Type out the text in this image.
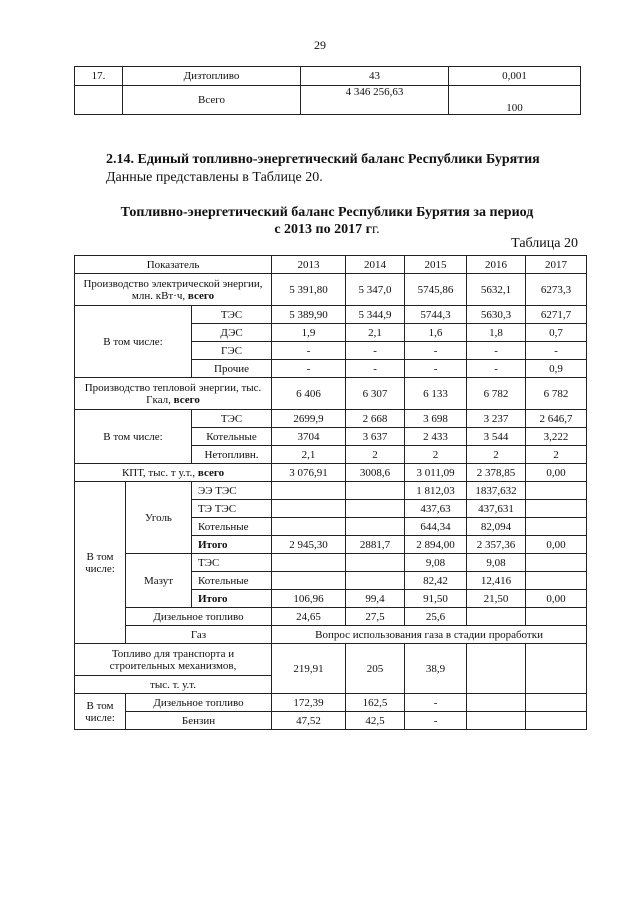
29
17.	Дизтопливо	43	0,001
	Всего	4 346 256,63	100
2.14. Единый топливно-энергетический баланс Республики Бурятия
Данные представлены в Таблице 20.
Топливно-энергетический баланс Республики Бурятия за период
с 2013 по 2017 гг.
Таблица 20
Показатель			2013	2014	2015	2016	2017
Производство электрической энергии, млн. кВт·ч, всего			5 391,80	5 347,0	5745,86	5632,1	6273,3
В том числе:		ТЭС	5 389,90	5 344,9	5744,3	5630,3	6271,7
		ДЭС	1,9	2,1	1,6	1,8	0,7
		ГЭС	-	-	-	-	-
		Прочие	-	-	-	-	0,9
Производство тепловой энергии, тыс. Гкал, всего			6 406	6 307	6 133	6 782	6 782
В том числе:		ТЭС	2699,9	2 668	3 698	3 237	2 646,7
		Котельные	3704	3 637	2 433	3 544	3,222
		Нетопливн.	2,1	2	2	2	2
КПТ, тыс. т у.т., всего			3 076,91	3008,6	3 011,09	2 378,85	0,00
В том числе:	Уголь	ЭЭ ТЭС			1 812,03	1837,632	
		ТЭ ТЭС			437,63	437,631	
		Котельные			644,34	82,094	
		Итого	2 945,30	2881,7	2 894,00	2 357,36	0,00
	Мазут	ТЭС			9,08	9,08	
		Котельные			82,42	12,416	
		Итого	106,96	99,4	91,50	21,50	0,00
	Дизельное топливо		24,65	27,5	25,6		
	Газ		Вопрос использования газа в стадии проработки				
Топливо для транспорта и строительных механизмов,			219,91	205	38,9		
тыс. т. у.т.							
В том числе:	Дизельное топливо		172,39	162,5	-		
	Бензин		47,52	42,5	-		
